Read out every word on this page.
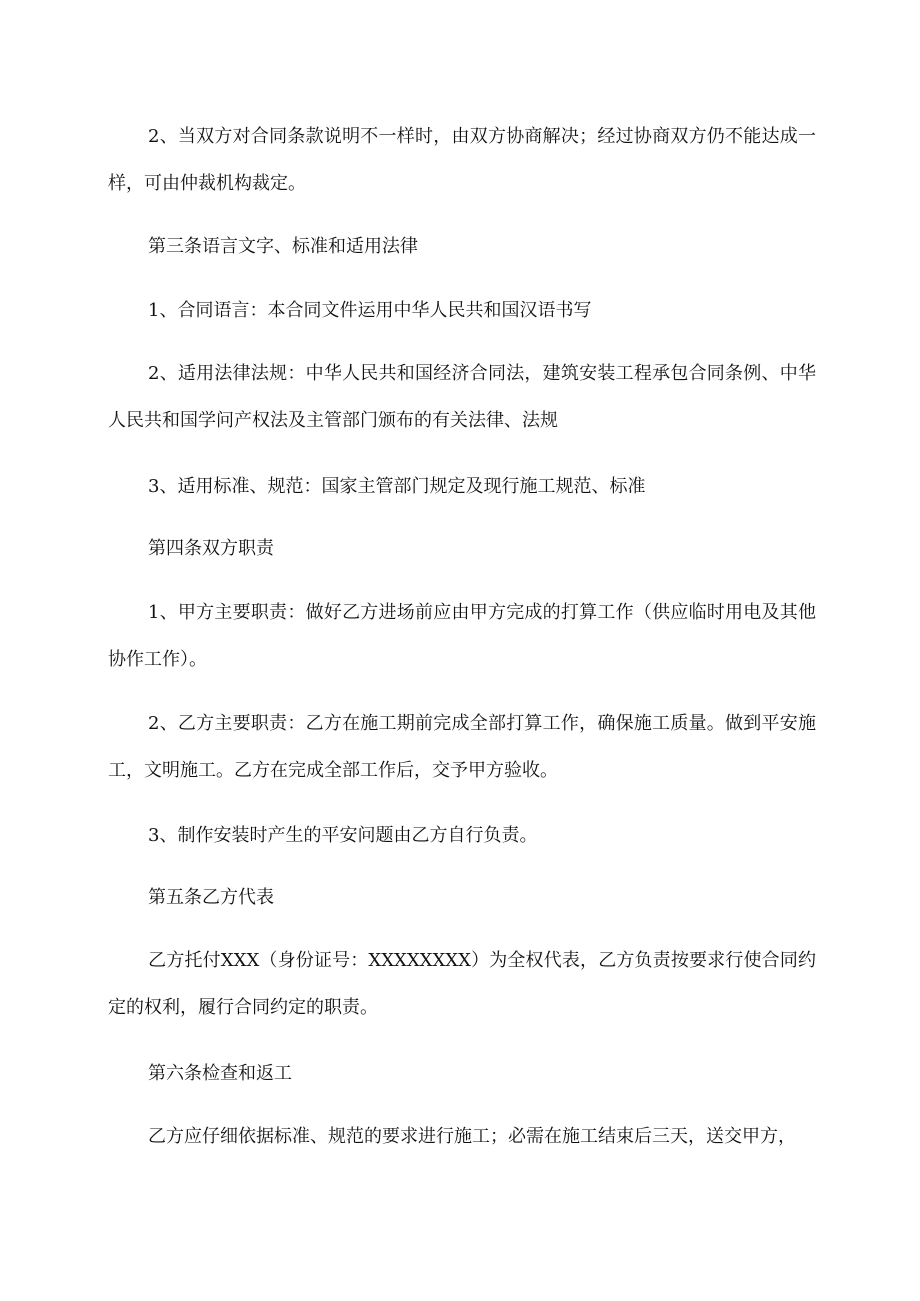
2、当双方对合同条款说明不一样时，由双方协商解决；经过协商双方仍不能达成一样，可由仲裁机构裁定。
第三条语言文字、标准和适用法律
1、合同语言：本合同文件运用中华人民共和国汉语书写
2、适用法律法规：中华人民共和国经济合同法，建筑安装工程承包合同条例、中华人民共和国学问产权法及主管部门颁布的有关法律、法规
3、适用标准、规范：国家主管部门规定及现行施工规范、标准
第四条双方职责
1、甲方主要职责：做好乙方进场前应由甲方完成的打算工作（供应临时用电及其他协作工作）。
2、乙方主要职责：乙方在施工期前完成全部打算工作，确保施工质量。做到平安施工，文明施工。乙方在完成全部工作后，交予甲方验收。
3、制作安装时产生的平安问题由乙方自行负责。
第五条乙方代表
乙方托付XXX（身份证号：XXXXXXXX）为全权代表，乙方负责按要求行使合同约定的权利，履行合同约定的职责。
第六条检查和返工
乙方应仔细依据标准、规范的要求进行施工；必需在施工结束后三天，送交甲方，
